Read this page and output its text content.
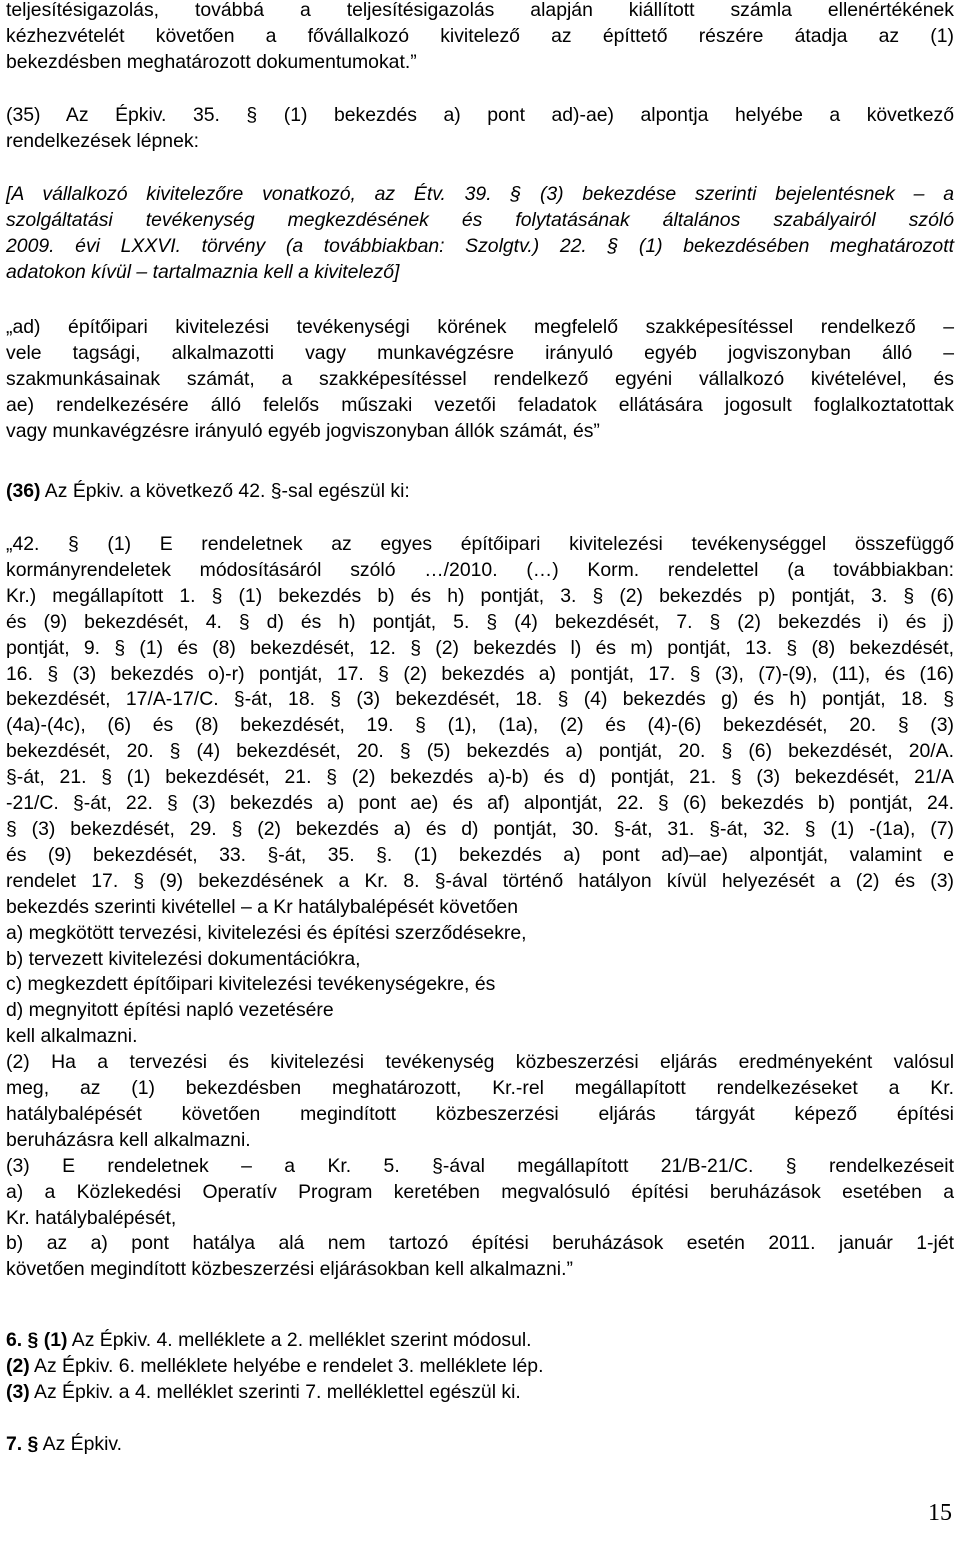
teljesítésigazolás, továbbá a teljesítésigazolás alapján kiállított számla ellenértékének
kézhezvételét követően a fővállalkozó kivitelező az építtető részére átadja az (1)
bekezdésben meghatározott dokumentumokat.”
(35) Az Épkiv. 35. § (1) bekezdés a) pont ad)-ae) alpontja helyébe a következő
rendelkezések lépnek:
[A vállalkozó kivitelezőre vonatkozó, az Étv. 39. § (3) bekezdése szerinti bejelentésnek – a
szolgáltatási tevékenység megkezdésének és folytatásának általános szabályairól szóló
2009. évi LXXVI. törvény (a továbbiakban: Szolgtv.) 22. § (1) bekezdésében meghatározott
adatokon kívül – tartalmaznia kell a kivitelező]
„ad) építőipari kivitelezési tevékenységi körének megfelelő szakképesítéssel rendelkező –
vele tagsági, alkalmazotti vagy munkavégzésre irányuló egyéb jogviszonyban álló –
szakmunkásainak számát, a szakképesítéssel rendelkező egyéni vállalkozó kivételével, és
ae) rendelkezésére álló felelős műszaki vezetői feladatok ellátására jogosult foglalkoztatottak
vagy munkavégzésre irányuló egyéb jogviszonyban állók számát, és”
(36) Az Épkiv. a következő 42. §-sal egészül ki:
„42. § (1) E rendeletnek az egyes építőipari kivitelezési tevékenységgel összefüggő
kormányrendeletek módosításáról szóló …/2010. (…) Korm. rendelettel (a továbbiakban:
Kr.) megállapított 1. § (1) bekezdés b) és h) pontját, 3. § (2) bekezdés p) pontját, 3. § (6)
és (9) bekezdését, 4. § d) és h) pontját, 5. § (4) bekezdését, 7. § (2) bekezdés i) és j)
pontját, 9. § (1) és (8) bekezdését, 12. § (2) bekezdés l) és m) pontját, 13. § (8) bekezdését,
16. § (3) bekezdés o)-r) pontját, 17. § (2) bekezdés a) pontját, 17. § (3), (7)-(9), (11), és (16)
bekezdését, 17/A-17/C. §-át, 18. § (3) bekezdését, 18. § (4) bekezdés g) és h) pontját, 18. §
(4a)-(4c), (6) és (8) bekezdését, 19. § (1), (1a), (2) és (4)-(6) bekezdését, 20. § (3)
bekezdését, 20. § (4) bekezdését, 20. § (5) bekezdés a) pontját, 20. § (6) bekezdését, 20/A.
§-át, 21. § (1) bekezdését, 21. § (2) bekezdés a)-b) és d) pontját, 21. § (3) bekezdését, 21/A
-21/C. §-át, 22. § (3) bekezdés a) pont ae) és af) alpontját, 22. § (6) bekezdés b) pontját, 24.
§ (3) bekezdését, 29. § (2) bekezdés a) és d) pontját, 30. §-át, 31. §-át, 32. § (1) -(1a), (7)
és (9) bekezdését, 33. §-át, 35. §. (1) bekezdés a) pont ad)–ae) alpontját, valamint e
rendelet 17. § (9) bekezdésének a Kr. 8. §-ával történő hatályon kívül helyezését a (2) és (3)
bekezdés szerinti kivétellel – a Kr hatálybalépését követően
a) megkötött tervezési, kivitelezési és építési szerződésekre,
b) tervezett kivitelezési dokumentációkra,
c) megkezdett építőipari kivitelezési tevékenységekre, és
d) megnyitott építési napló vezetésére
kell alkalmazni.
(2) Ha a tervezési és kivitelezési tevékenység közbeszerzési eljárás eredményeként valósul
meg, az (1) bekezdésben meghatározott, Kr.-rel megállapított rendelkezéseket a Kr.
hatálybalépését követően megindított közbeszerzési eljárás tárgyát képező építési
beruházásra kell alkalmazni.
(3) E rendeletnek – a Kr. 5. §-ával megállapított 21/B-21/C. § rendelkezéseit
a) a Közlekedési Operatív Program keretében megvalósuló építési beruházások esetében a
Kr. hatálybalépését,
b) az a) pont hatálya alá nem tartozó építési beruházások esetén 2011. január 1-jét
követően megindított közbeszerzési eljárásokban kell alkalmazni.”
6. § (1) Az Épkiv. 4. melléklete a 2. melléklet szerint módosul.
(2) Az Épkiv. 6. melléklete helyébe e rendelet 3. melléklete lép.
(3) Az Épkiv. a 4. melléklet szerinti 7. melléklettel egészül ki.
7. § Az Épkiv.
15
